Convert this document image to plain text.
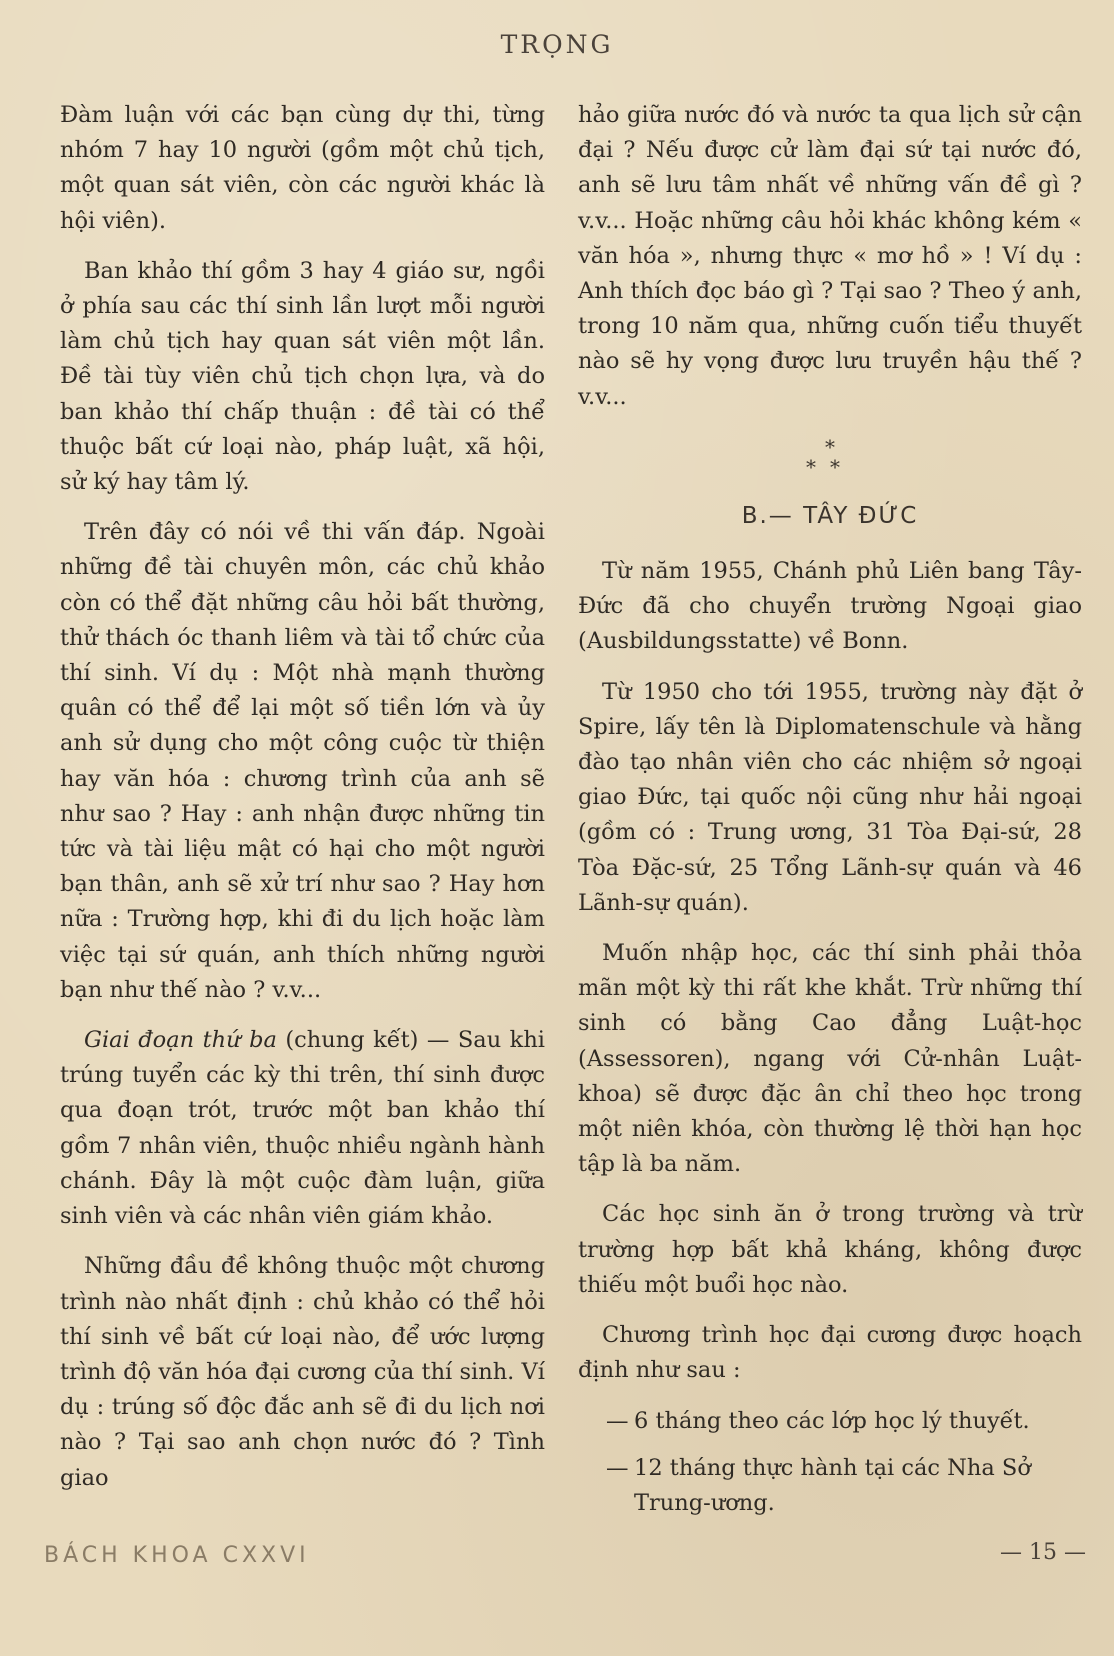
TRỌNG

Đàm luận với các bạn cùng dự thi, từng nhóm 7 hay 10 người (gồm một chủ tịch, một quan sát viên, còn các người khác là hội viên).

Ban khảo thí gồm 3 hay 4 giáo sư, ngồi ở phía sau các thí sinh lần lượt mỗi người làm chủ tịch hay quan sát viên một lần. Đề tài tùy viên chủ tịch chọn lựa, và do ban khảo thí chấp thuận : đề tài có thể thuộc bất cứ loại nào, pháp luật, xã hội, sử ký hay tâm lý.

Trên đây có nói về thi vấn đáp. Ngoài những đề tài chuyên môn, các chủ khảo còn có thể đặt những câu hỏi bất thường, thử thách óc thanh liêm và tài tổ chức của thí sinh. Ví dụ : Một nhà mạnh thường quân có thể để lại một số tiền lớn và ủy anh sử dụng cho một công cuộc từ thiện hay văn hóa : chương trình của anh sẽ như sao ? Hay : anh nhận được những tin tức và tài liệu mật có hại cho một người bạn thân, anh sẽ xử trí như sao ? Hay hơn nữa : Trường hợp, khi đi du lịch hoặc làm việc tại sứ quán, anh thích những người bạn như thế nào ? v.v...

Giai đoạn thứ ba (chung kết) — Sau khi trúng tuyển các kỳ thi trên, thí sinh được qua đoạn trót, trước một ban khảo thí gồm 7 nhân viên, thuộc nhiều ngành hành chánh. Đây là một cuộc đàm luận, giữa sinh viên và các nhân viên giám khảo.

Những đầu đề không thuộc một chương trình nào nhất định : chủ khảo có thể hỏi thí sinh về bất cứ loại nào, để ước lượng trình độ văn hóa đại cương của thí sinh. Ví dụ : trúng số độc đắc anh sẽ đi du lịch nơi nào ? Tại sao anh chọn nước đó ? Tình giao

hảo giữa nước đó và nước ta qua lịch sử cận đại ? Nếu được cử làm đại sứ tại nước đó, anh sẽ lưu tâm nhất về những vấn đề gì ? v.v... Hoặc những câu hỏi khác không kém « văn hóa », nhưng thực « mơ hồ » ! Ví dụ : Anh thích đọc báo gì ? Tại sao ? Theo ý anh, trong 10 năm qua, những cuốn tiểu thuyết nào sẽ hy vọng được lưu truyền hậu thế ? v.v...

*
**
B.— TÂY ĐỨC

Từ năm 1955, Chánh phủ Liên bang Tây-Đức đã cho chuyển trường Ngoại giao (Ausbildungsstatte) về Bonn.

Từ 1950 cho tới 1955, trường này đặt ở Spire, lấy tên là Diplomatenschule và hằng đào tạo nhân viên cho các nhiệm sở ngoại giao Đức, tại quốc nội cũng như hải ngoại (gồm có : Trung ương, 31 Tòa Đại-sứ, 28 Tòa Đặc-sứ, 25 Tổng Lãnh-sự quán và 46 Lãnh-sự quán).

Muốn nhập học, các thí sinh phải thỏa mãn một kỳ thi rất khe khắt. Trừ những thí sinh có bằng Cao đẳng Luật-học (Assessoren), ngang với Cử-nhân Luật-khoa) sẽ được đặc ân chỉ theo học trong một niên khóa, còn thường lệ thời hạn học tập là ba năm.

Các học sinh ăn ở trong trường và trừ trường hợp bất khả kháng, không được thiếu một buổi học nào.

Chương trình học đại cương được hoạch định như sau :

— 6 tháng theo các lớp học lý thuyết.
— 12 tháng thực hành tại các Nha Sở Trung-ương.
BÁCH KHOA CXXVI	— 15 —
